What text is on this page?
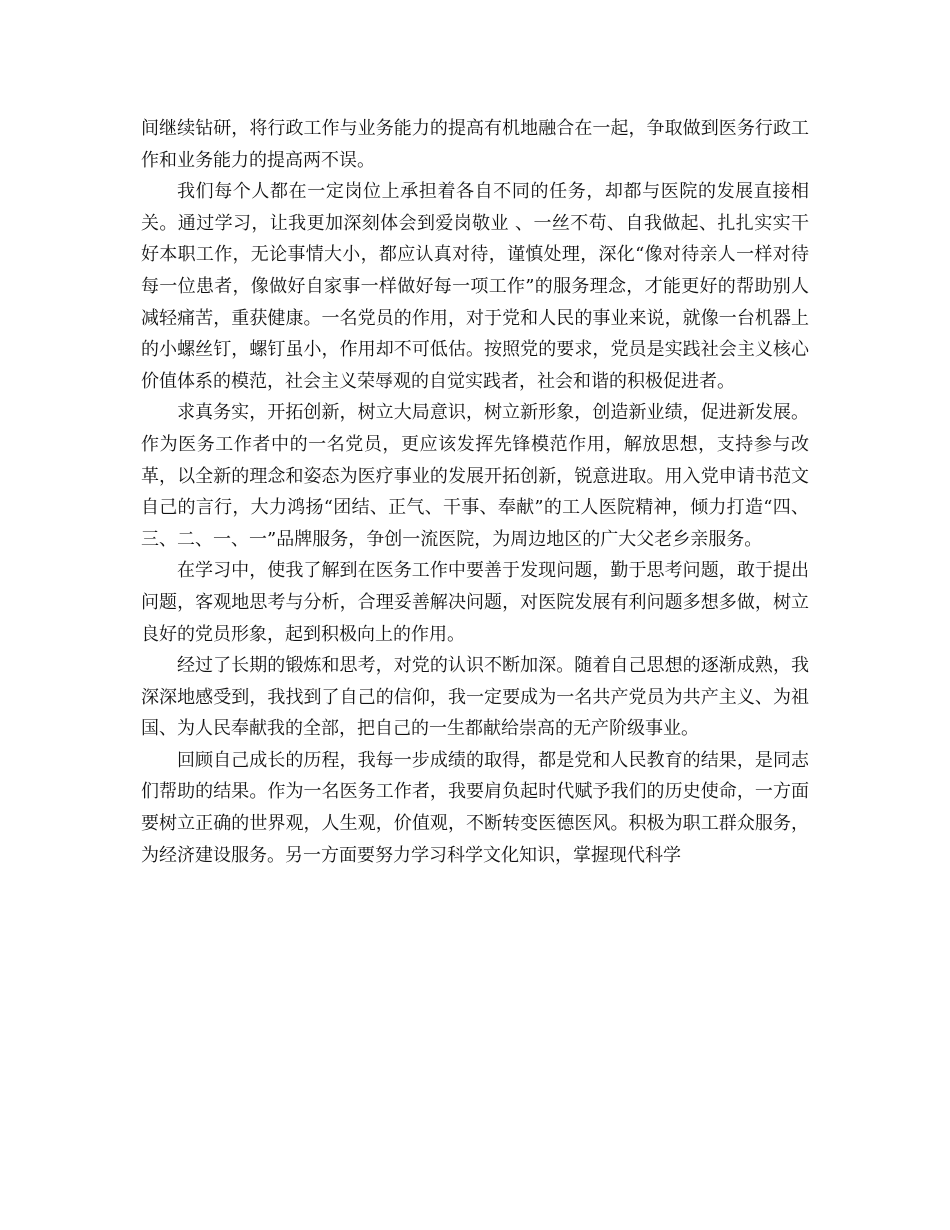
间继续钻研，将行政工作与业务能力的提高有机地融合在一起，争取做到医务行政工作和业务能力的提高两不误。

我们每个人都在一定岗位上承担着各自不同的任务，却都与医院的发展直接相关。通过学习，让我更加深刻体会到爱岗敬业 、一丝不苟、自我做起、扎扎实实干好本职工作，无论事情大小，都应认真对待，谨慎处理，深化“像对待亲人一样对待每一位患者，像做好自家事一样做好每一项工作”的服务理念，才能更好的帮助别人减轻痛苦，重获健康。一名党员的作用，对于党和人民的事业来说，就像一台机器上的小螺丝钉，螺钉虽小，作用却不可低估。按照党的要求，党员是实践社会主义核心价值体系的模范，社会主义荣辱观的自觉实践者，社会和谐的积极促进者。

求真务实，开拓创新，树立大局意识，树立新形象，创造新业绩，促进新发展。作为医务工作者中的一名党员，更应该发挥先锋模范作用，解放思想，支持参与改革，以全新的理念和姿态为医疗事业的发展开拓创新，锐意进取。用入党申请书范文自己的言行，大力鸿扬“团结、正气、干事、奉献”的工人医院精神，倾力打造“四、三、二、一、一”品牌服务，争创一流医院，为周边地区的广大父老乡亲服务。

在学习中，使我了解到在医务工作中要善于发现问题，勤于思考问题，敢于提出问题，客观地思考与分析，合理妥善解决问题，对医院发展有利问题多想多做，树立良好的党员形象，起到积极向上的作用。

经过了长期的锻炼和思考，对党的认识不断加深。随着自己思想的逐渐成熟，我深深地感受到，我找到了自己的信仰，我一定要成为一名共产党员为共产主义、为祖国、为人民奉献我的全部，把自己的一生都献给崇高的无产阶级事业。

回顾自己成长的历程，我每一步成绩的取得，都是党和人民教育的结果，是同志们帮助的结果。作为一名医务工作者，我要肩负起时代赋予我们的历史使命，一方面要树立正确的世界观，人生观，价值观，不断转变医德医风。积极为职工群众服务，为经济建设服务。另一方面要努力学习科学文化知识，掌握现代科学
